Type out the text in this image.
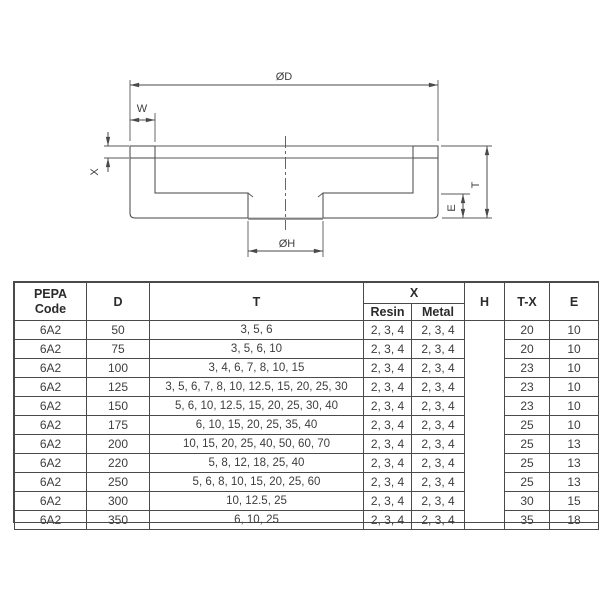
ØD
W
X
T
E
ØH
PEPA
Code	D	T	X		H	T-X	E
			Resin	Metal			
6A2	50	3, 5, 6	2, 3, 4	2, 3, 4		20	10
6A2	75	3, 5, 6, 10	2, 3, 4	2, 3, 4		20	10
6A2	100	3, 4, 6, 7, 8, 10, 15	2, 3, 4	2, 3, 4		23	10
6A2	125	3, 5, 6, 7, 8, 10, 12.5, 15, 20, 25, 30	2, 3, 4	2, 3, 4		23	10
6A2	150	5, 6, 10, 12.5, 15, 20, 25, 30, 40	2, 3, 4	2, 3, 4		23	10
6A2	175	6, 10, 15, 20, 25, 35, 40	2, 3, 4	2, 3, 4		25	10
6A2	200	10, 15, 20, 25, 40, 50, 60, 70	2, 3, 4	2, 3, 4		25	13
6A2	220	5, 8, 12, 18, 25, 40	2, 3, 4	2, 3, 4		25	13
6A2	250	5, 6, 8, 10, 15, 20, 25, 60	2, 3, 4	2, 3, 4		25	13
6A2	300	10, 12.5, 25	2, 3, 4	2, 3, 4		30	15
6A2	350	6, 10, 25	2, 3, 4	2, 3, 4		35	18
